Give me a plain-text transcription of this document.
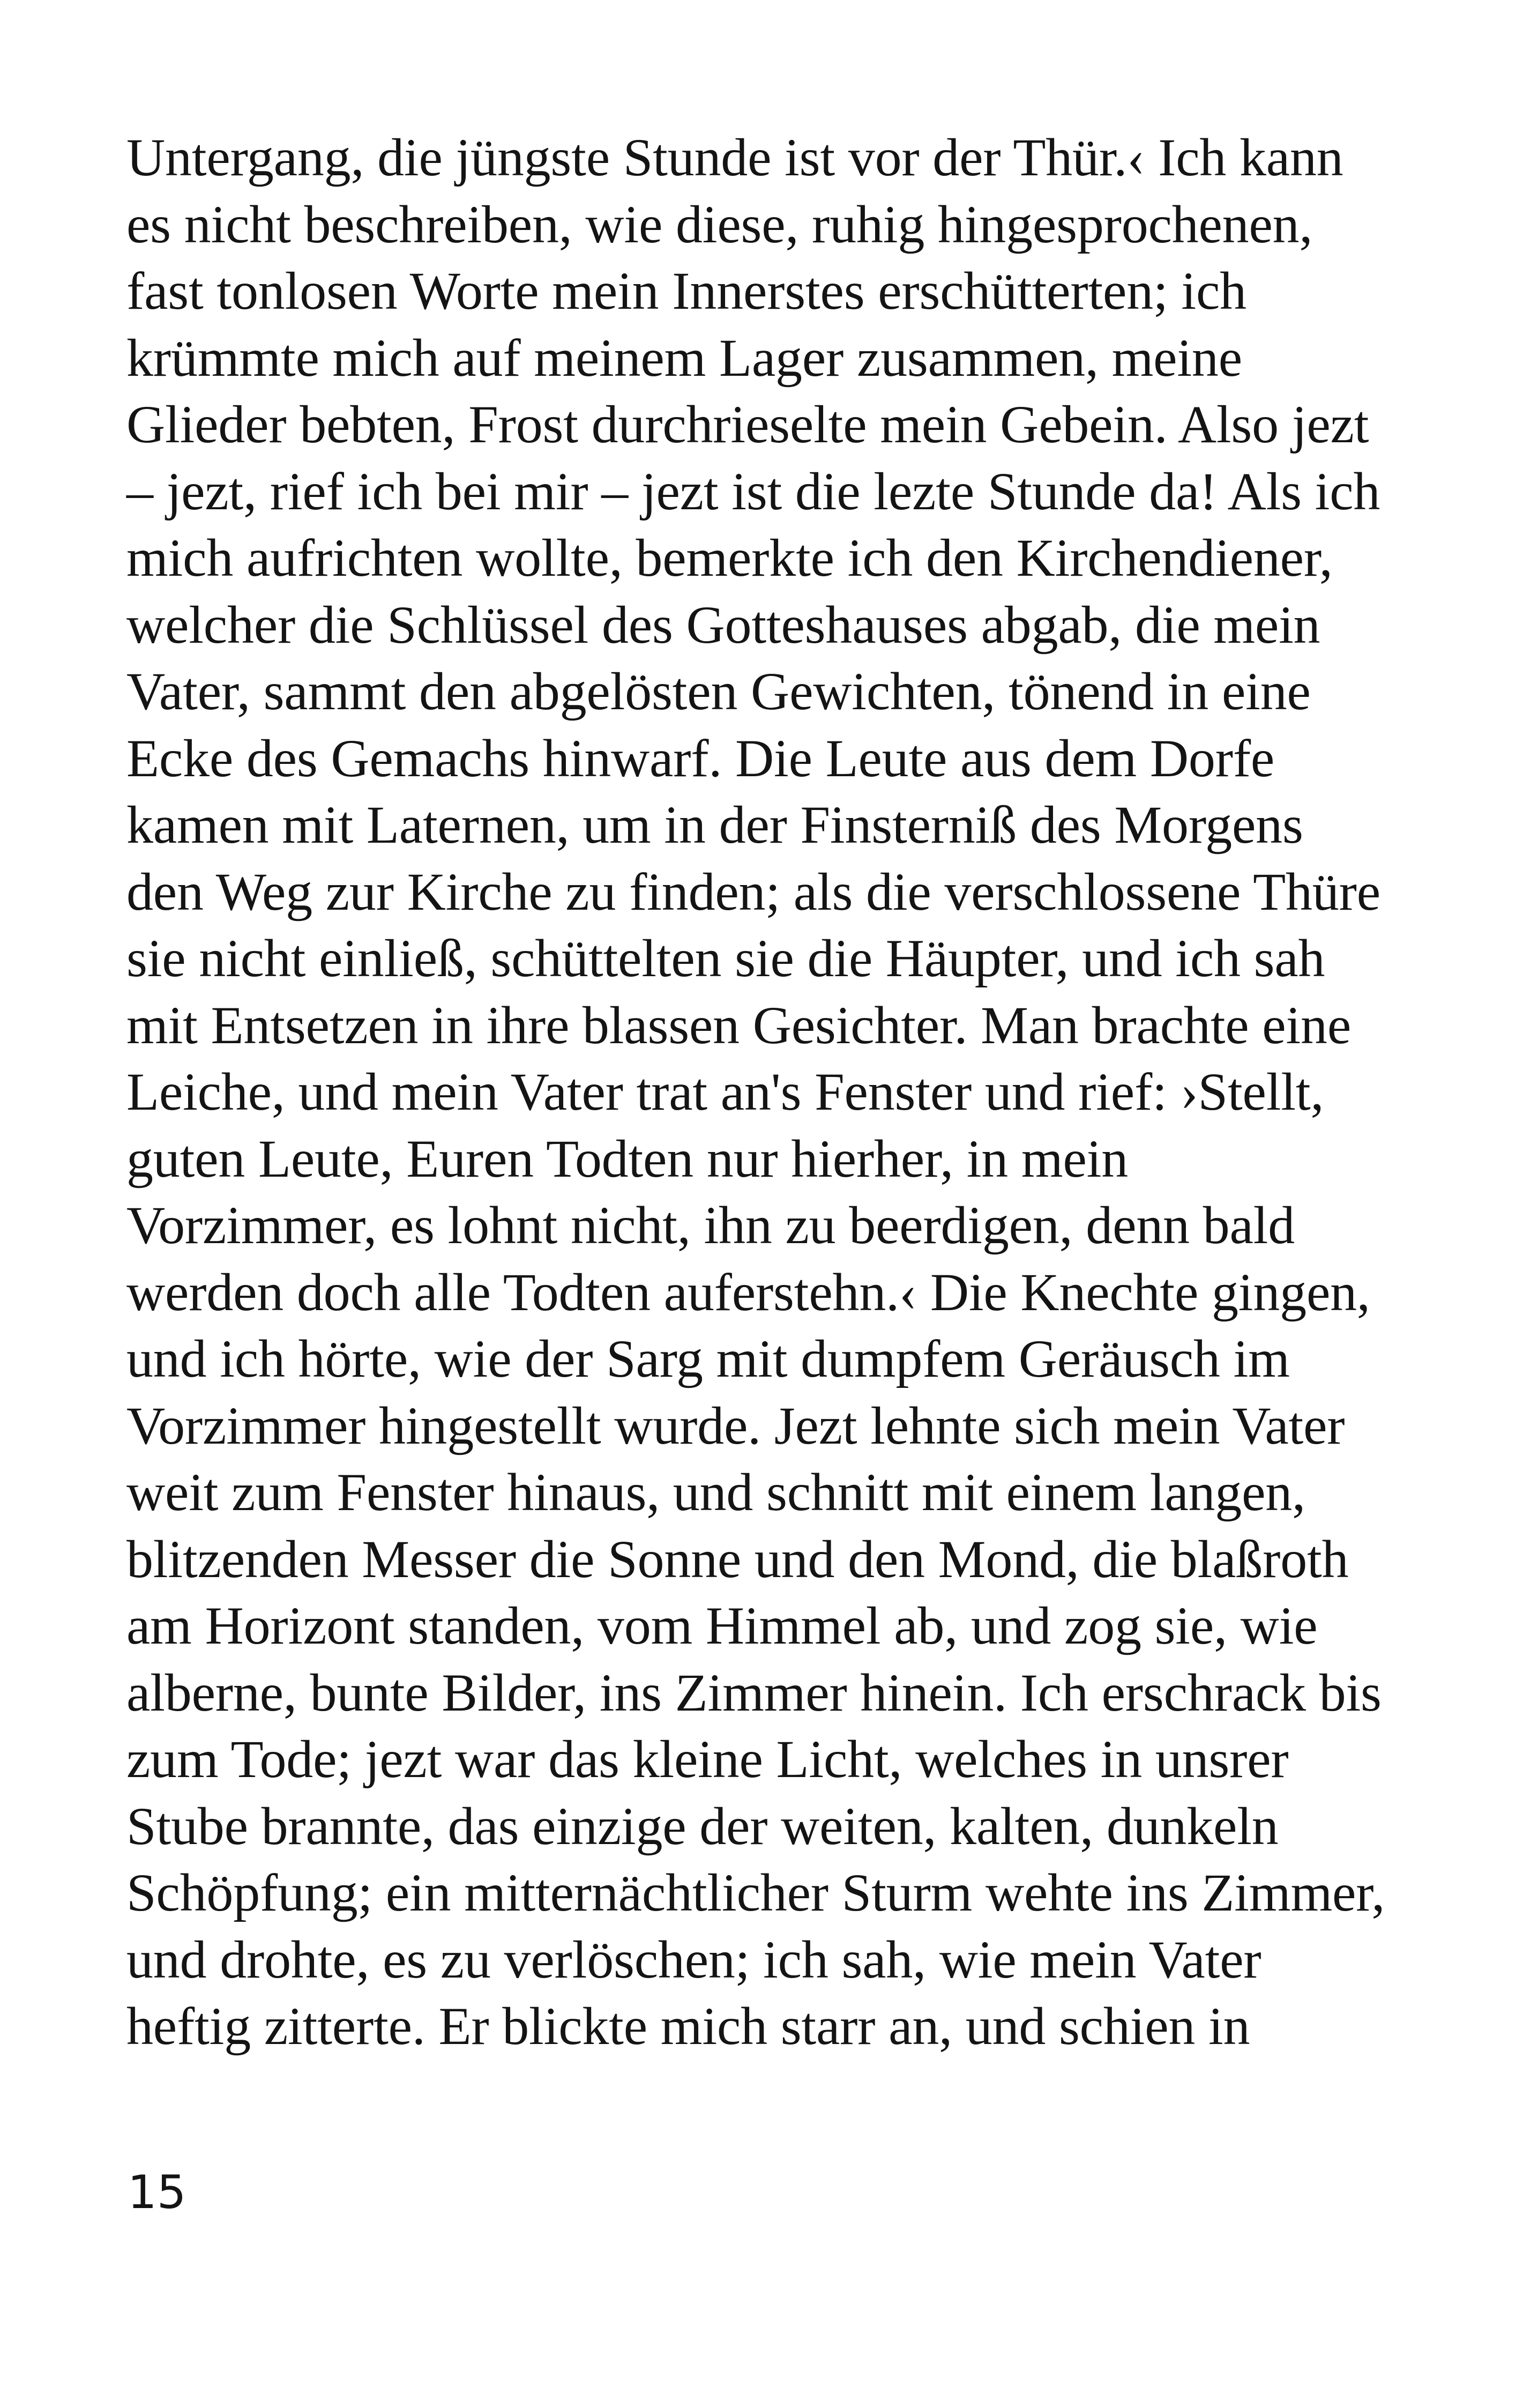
Untergang, die jüngste Stunde ist vor der Thür.‹ Ich kann
es nicht beschreiben, wie diese, ruhig hingesprochenen,
fast tonlosen Worte mein Innerstes erschütterten; ich
krümmte mich auf meinem Lager zusammen, meine
Glieder bebten, Frost durchrieselte mein Gebein. Also jezt
– jezt, rief ich bei mir – jezt ist die lezte Stunde da! Als ich
mich aufrichten wollte, bemerkte ich den Kirchendiener,
welcher die Schlüssel des Gotteshauses abgab, die mein
Vater, sammt den abgelösten Gewichten, tönend in eine
Ecke des Gemachs hinwarf. Die Leute aus dem Dorfe
kamen mit Laternen, um in der Finsterniß des Morgens
den Weg zur Kirche zu finden; als die verschlossene Thüre
sie nicht einließ, schüttelten sie die Häupter, und ich sah
mit Entsetzen in ihre blassen Gesichter. Man brachte eine
Leiche, und mein Vater trat an's Fenster und rief: ›Stellt,
guten Leute, Euren Todten nur hierher, in mein
Vorzimmer, es lohnt nicht, ihn zu beerdigen, denn bald
werden doch alle Todten auferstehn.‹ Die Knechte gingen,
und ich hörte, wie der Sarg mit dumpfem Geräusch im
Vorzimmer hingestellt wurde. Jezt lehnte sich mein Vater
weit zum Fenster hinaus, und schnitt mit einem langen,
blitzenden Messer die Sonne und den Mond, die blaßroth
am Horizont standen, vom Himmel ab, und zog sie, wie
alberne, bunte Bilder, ins Zimmer hinein. Ich erschrack bis
zum Tode; jezt war das kleine Licht, welches in unsrer
Stube brannte, das einzige der weiten, kalten, dunkeln
Schöpfung; ein mitternächtlicher Sturm wehte ins Zimmer,
und drohte, es zu verlöschen; ich sah, wie mein Vater
heftig zitterte. Er blickte mich starr an, und schien in
15
